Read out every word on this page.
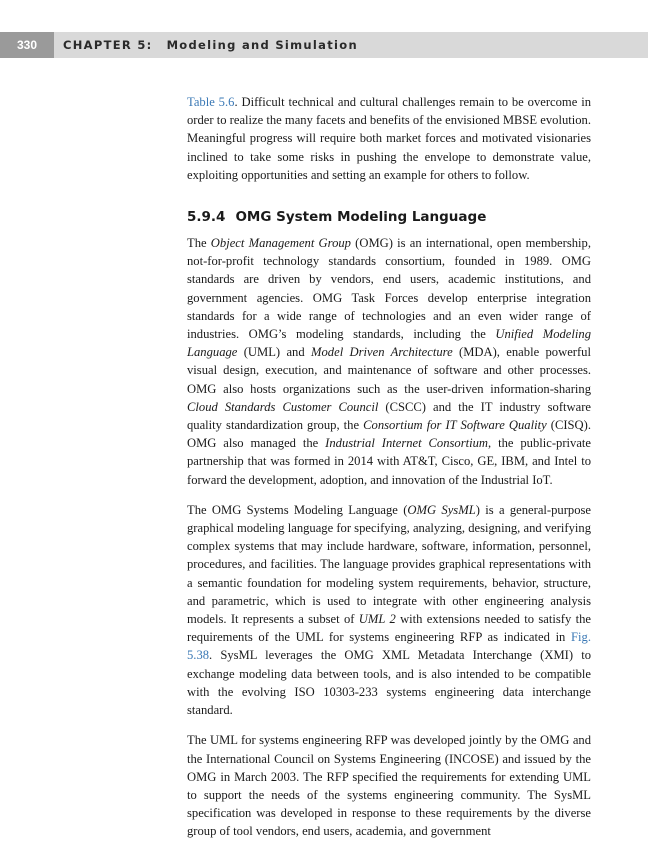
330	CHAPTER 5: Modeling and Simulation

Table 5.6. Difficult technical and cultural challenges remain to be overcome in order to realize the many facets and benefits of the envisioned MBSE evolution. Meaningful progress will require both market forces and motivated visionaries inclined to take some risks in pushing the envelope to demonstrate value, exploiting opportunities and setting an example for others to follow.

5.9.4 OMG System Modeling Language

The Object Management Group (OMG) is an international, open membership, not-for-profit technology standards consortium, founded in 1989. OMG standards are driven by vendors, end users, academic institutions, and government agencies. OMG Task Forces develop enterprise integration standards for a wide range of technologies and an even wider range of industries. OMG’s modeling standards, including the Unified Modeling Language (UML) and Model Driven Architecture (MDA), enable powerful visual design, execution, and maintenance of software and other processes. OMG also hosts organizations such as the user-driven information-sharing Cloud Standards Customer Council (CSCC) and the IT industry software quality standardization group, the Consortium for IT Software Quality (CISQ). OMG also managed the Industrial Internet Consortium, the public-private partnership that was formed in 2014 with AT&T, Cisco, GE, IBM, and Intel to forward the development, adoption, and innovation of the Industrial IoT.

The OMG Systems Modeling Language (OMG SysML) is a general-purpose graphical modeling language for specifying, analyzing, designing, and verifying complex systems that may include hardware, software, information, personnel, procedures, and facilities. The language provides graphical representations with a semantic foundation for modeling system requirements, behavior, structure, and parametric, which is used to integrate with other engineering analysis models. It represents a subset of UML 2 with extensions needed to satisfy the requirements of the UML for systems engineering RFP as indicated in Fig. 5.38. SysML leverages the OMG XML Metadata Interchange (XMI) to exchange modeling data between tools, and is also intended to be compatible with the evolving ISO 10303-233 systems engineering data interchange standard.

The UML for systems engineering RFP was developed jointly by the OMG and the International Council on Systems Engineering (INCOSE) and issued by the OMG in March 2003. The RFP specified the requirements for extending UML to support the needs of the systems engineering community. The SysML specification was developed in response to these requirements by the diverse group of tool vendors, end users, academia, and government
